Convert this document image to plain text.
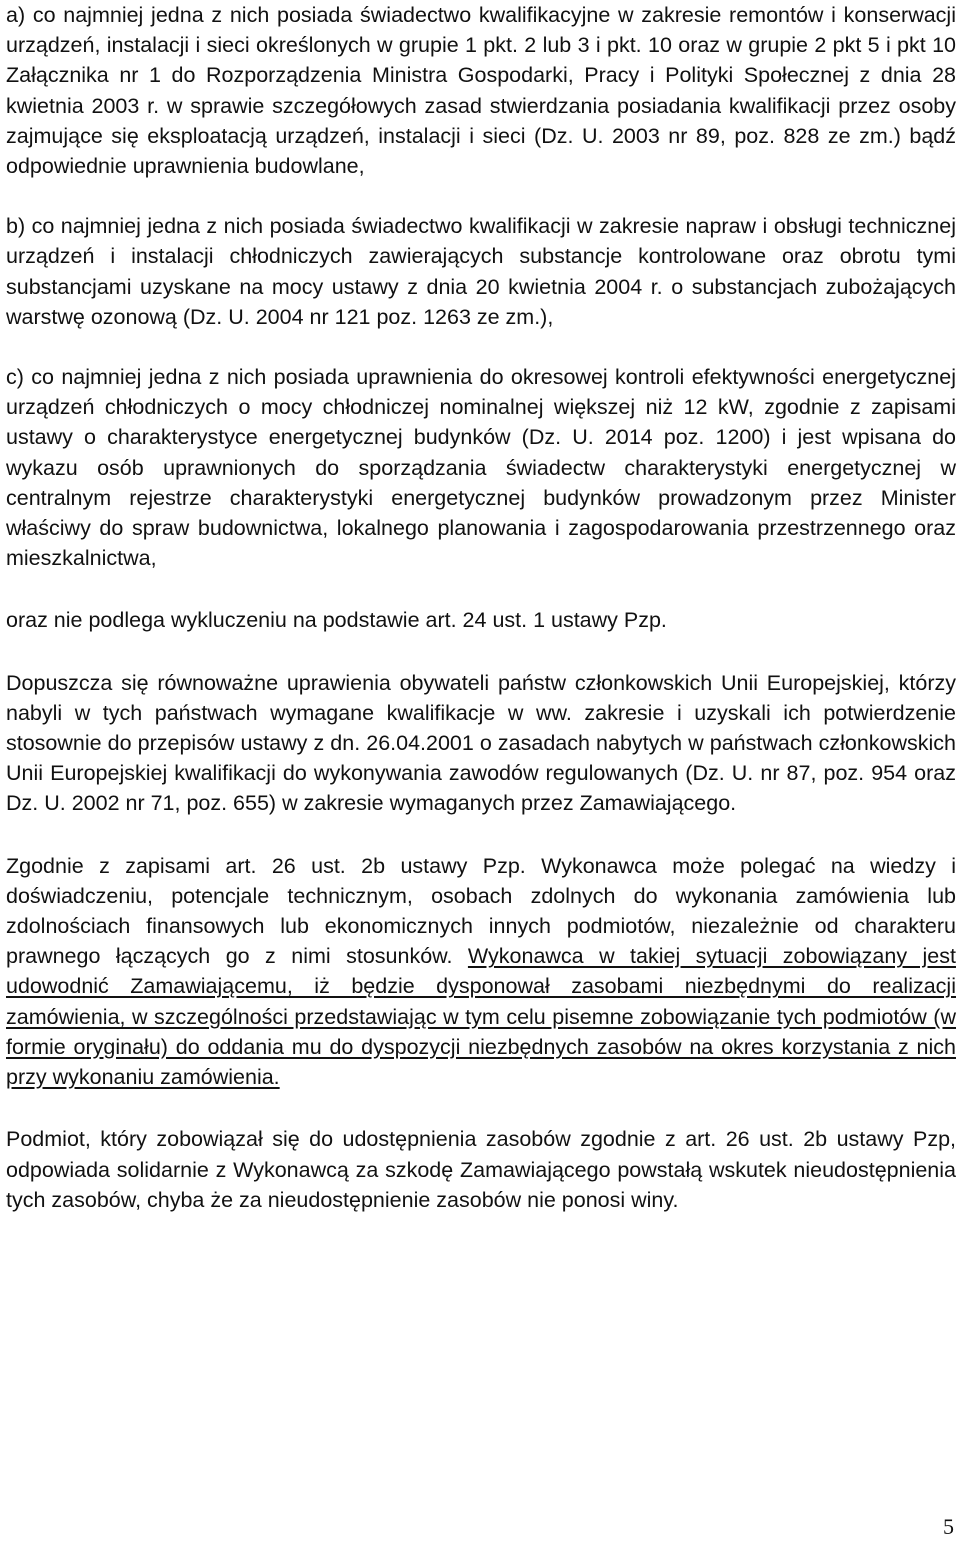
a) co najmniej jedna z nich posiada świadectwo kwalifikacyjne w zakresie remontów i konserwacji urządzeń, instalacji i sieci określonych w grupie 1 pkt. 2 lub 3 i pkt. 10 oraz w grupie 2 pkt 5 i pkt 10 Załącznika nr 1 do Rozporządzenia Ministra Gospodarki, Pracy i Polityki Społecznej z dnia 28 kwietnia 2003 r. w sprawie szczegółowych zasad stwierdzania posiadania kwalifikacji przez osoby zajmujące się eksploatacją urządzeń, instalacji i sieci (Dz. U. 2003 nr 89, poz. 828 ze zm.) bądź odpowiednie uprawnienia budowlane,

b) co najmniej jedna z nich posiada świadectwo kwalifikacji w zakresie napraw i obsługi technicznej urządzeń i instalacji chłodniczych zawierających substancje kontrolowane oraz obrotu tymi substancjami uzyskane na mocy ustawy z dnia 20 kwietnia 2004 r. o substancjach zubożających warstwę ozonową (Dz. U. 2004 nr 121 poz. 1263 ze zm.),

c) co najmniej jedna z nich posiada uprawnienia do okresowej kontroli efektywności energetycznej urządzeń chłodniczych o mocy chłodniczej nominalnej większej niż 12 kW, zgodnie z zapisami ustawy o charakterystyce energetycznej budynków (Dz. U. 2014 poz. 1200) i jest wpisana do wykazu osób uprawnionych do sporządzania świadectw charakterystyki energetycznej w centralnym rejestrze charakterystyki energetycznej budynków prowadzonym przez Minister właściwy do spraw budownictwa, lokalnego planowania i zagospodarowania przestrzennego oraz mieszkalnictwa,

oraz nie podlega wykluczeniu na podstawie art. 24 ust. 1 ustawy Pzp.

Dopuszcza się równoważne uprawienia obywateli państw członkowskich Unii Europejskiej, którzy nabyli w tych państwach wymagane kwalifikacje w ww. zakresie i uzyskali ich potwierdzenie stosownie do przepisów ustawy z dn. 26.04.2001 o zasadach nabytych w państwach członkowskich Unii Europejskiej kwalifikacji do wykonywania zawodów regulowanych (Dz. U. nr 87, poz. 954 oraz Dz. U. 2002 nr 71, poz. 655) w zakresie wymaganych przez Zamawiającego.

Zgodnie z zapisami art. 26 ust. 2b ustawy Pzp. Wykonawca może polegać na wiedzy i doświadczeniu, potencjale technicznym, osobach zdolnych do wykonania zamówienia lub zdolnościach finansowych lub ekonomicznych innych podmiotów, niezależnie od charakteru prawnego łączących go z nimi stosunków. Wykonawca w takiej sytuacji zobowiązany jest udowodnić Zamawiającemu, iż będzie dysponował zasobami niezbędnymi do realizacji zamówienia, w szczególności przedstawiając w tym celu pisemne zobowiązanie tych podmiotów (w formie oryginału) do oddania mu do dyspozycji niezbędnych zasobów na okres korzystania z nich przy wykonaniu zamówienia.

Podmiot, który zobowiązał się do udostępnienia zasobów zgodnie z art. 26 ust. 2b ustawy Pzp, odpowiada solidarnie z Wykonawcą za szkodę Zamawiającego powstałą wskutek nieudostępnienia tych zasobów, chyba że za nieudostępnienie zasobów nie ponosi winy.

5
